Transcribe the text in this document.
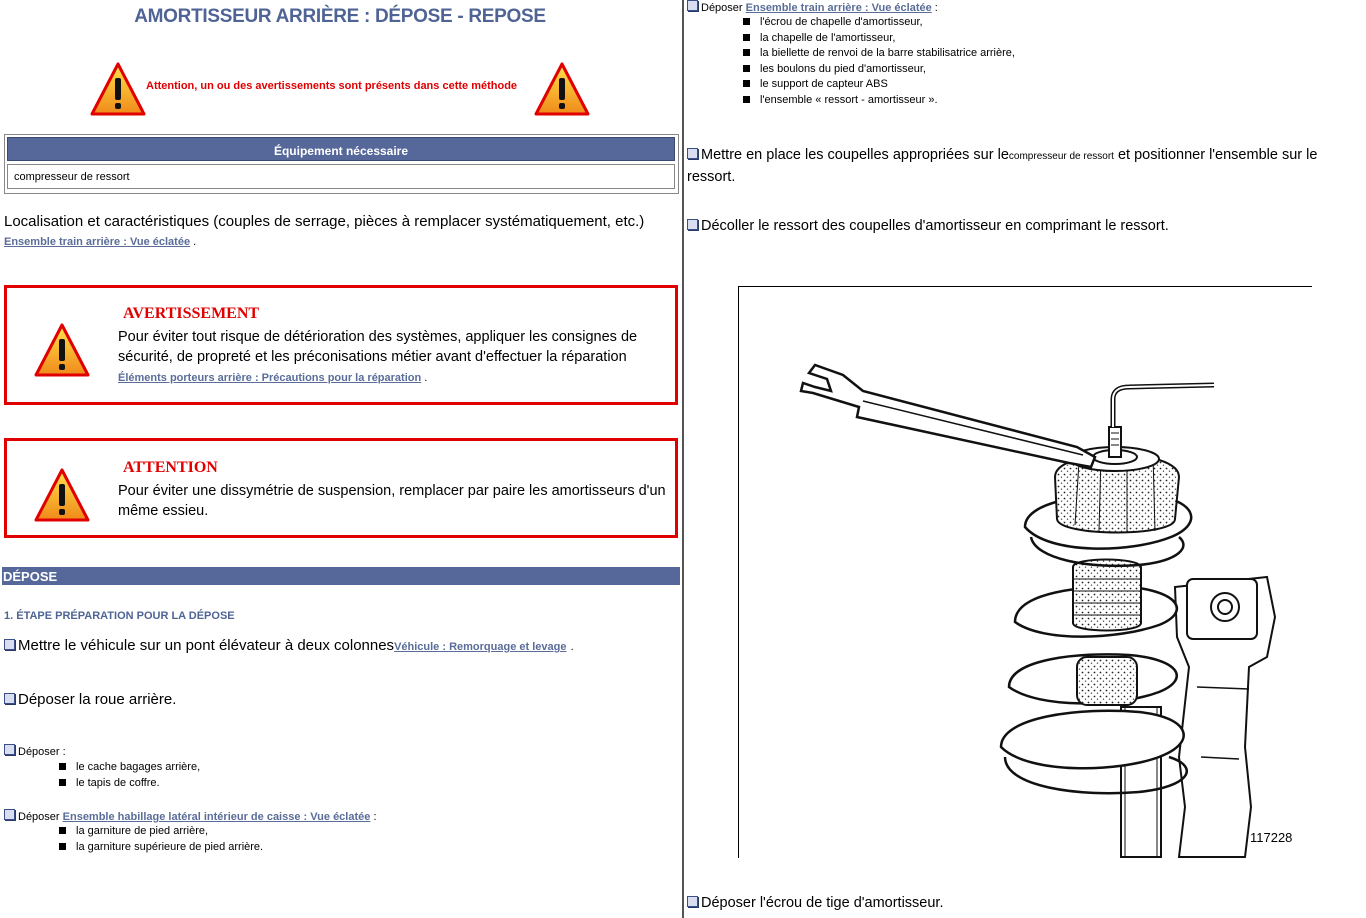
AMORTISSEUR ARRIÈRE : DÉPOSE - REPOSE
Attention, un ou des avertissements sont présents dans cette méthode
Équipement nécessaire
compresseur de ressort
Localisation et caractéristiques (couples de serrage, pièces à remplacer systématiquement, etc.)
Ensemble train arrière : Vue éclatée .
AVERTISSEMENT
Pour éviter tout risque de détérioration des systèmes, appliquer les consignes de
sécurité, de propreté et les préconisations métier avant d'effectuer la réparation
Éléments porteurs arrière : Précautions pour la réparation .
ATTENTION
Pour éviter une dissymétrie de suspension, remplacer par paire les amortisseurs d'un
même essieu.
DÉPOSE
1. ÉTAPE PRÉPARATION POUR LA DÉPOSE
Mettre le véhicule sur un pont élévateur à deux colonnesVéhicule : Remorquage et levage .
Déposer la roue arrière.
Déposer :
le cache bagages arrière,
le tapis de coffre.
Déposer Ensemble habillage latéral intérieur de caisse : Vue éclatée :
la garniture de pied arrière,
la garniture supérieure de pied arrière.
Déposer Ensemble train arrière : Vue éclatée :
l'écrou de chapelle d'amortisseur,
la chapelle de l'amortisseur,
la biellette de renvoi de la barre stabilisatrice arrière,
les boulons du pied d'amortisseur,
le support de capteur ABS
l'ensemble « ressort - amortisseur ».
Mettre en place les coupelles appropriées sur lecompresseur de ressort et positionner l'ensemble sur le
ressort.
Décoller le ressort des coupelles d'amortisseur en comprimant le ressort.
117228
Déposer l'écrou de tige d'amortisseur.
